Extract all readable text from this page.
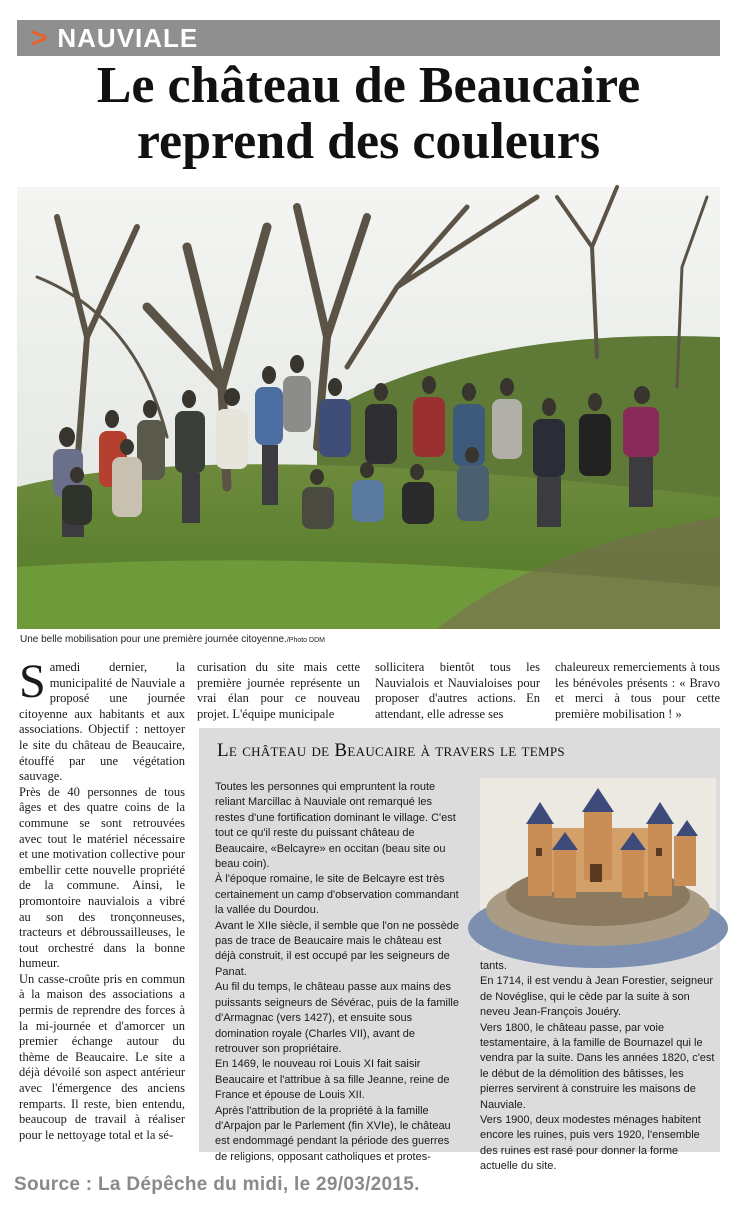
> NAUVIALE
Le château de Beaucaire
reprend des couleurs
Une belle mobilisation pour une première journée citoyenne./Photo DDM
S amedi dernier, la municipalité de Nauviale a proposé une journée citoyenne aux habitants et aux associations. Objectif : nettoyer le site du château de Beaucaire, étouffé par une végétation sauvage.

Près de 40 personnes de tous âges et des quatre coins de la commune se sont retrouvées avec tout le matériel nécessaire et une motivation collective pour embellir cette nouvelle propriété de la commune. Ainsi, le promontoire nauvialois a vibré au son des tronçonneuses, tracteurs et débroussailleuses, le tout orchestré dans la bonne humeur.

Un casse-croûte pris en commun à la maison des associations a permis de reprendre des forces à la mi-journée et d'amorcer un premier échange autour du thème de Beaucaire. Le site a déjà dévoilé son aspect antérieur avec l'émergence des anciens remparts. Il reste, bien entendu, beaucoup de travail à réaliser pour le nettoyage total et la sé-

curisation du site mais cette première journée représente un vrai élan pour ce nouveau projet. L'équipe municipale

sollicitera bientôt tous les Nauvialois et Nauvialoises pour proposer d'autres actions. En attendant, elle adresse ses

chaleureux remerciements à tous les bénévoles présents : « Bravo et merci à tous pour cette première mobilisation ! »

Le château de Beaucaire à travers le temps

Toutes les personnes qui empruntent la route reliant Marcillac à Nauviale ont remarqué les restes d'une fortification dominant le village. C'est tout ce qu'il reste du puissant château de Beaucaire, «Belcayre» en occitan (beau site ou beau coin).

À l'époque romaine, le site de Belcayre est très certainement un camp d'observation commandant la vallée du Dourdou.

Avant le XIIe siècle, il semble que l'on ne possède pas de trace de Beaucaire mais le château est déjà construit, il est occupé par les seigneurs de Panat.

Au fil du temps, le château passe aux mains des puissants seigneurs de Sévérac, puis de la famille d'Armagnac (vers 1427), et ensuite sous domination royale (Charles VII), avant de retrouver son propriétaire.

En 1469, le nouveau roi Louis XI fait saisir Beaucaire et l'attribue à sa fille Jeanne, reine de France et épouse de Louis XII.

Après l'attribution de la propriété à la famille d'Arpajon par le Parlement (fin XVIe), le château est endommagé pendant la période des guerres de religions, opposant catholiques et protes-

tants.

En 1714, il est vendu à Jean Forestier, seigneur de Novéglise, qui le cède par la suite à son neveu Jean-François Jouéry.

Vers 1800, le château passe, par voie testamentaire, à la famille de Bournazel qui le vendra par la suite. Dans les années 1820, c'est le début de la démolition des bâtisses, les pierres servirent à construire les maisons de Nauviale.

Vers 1900, deux modestes ménages habitent encore les ruines, puis vers 1920, l'ensemble des ruines est rasé pour donner la forme actuelle du site.

Source : La Dépêche du midi, le 29/03/2015.
